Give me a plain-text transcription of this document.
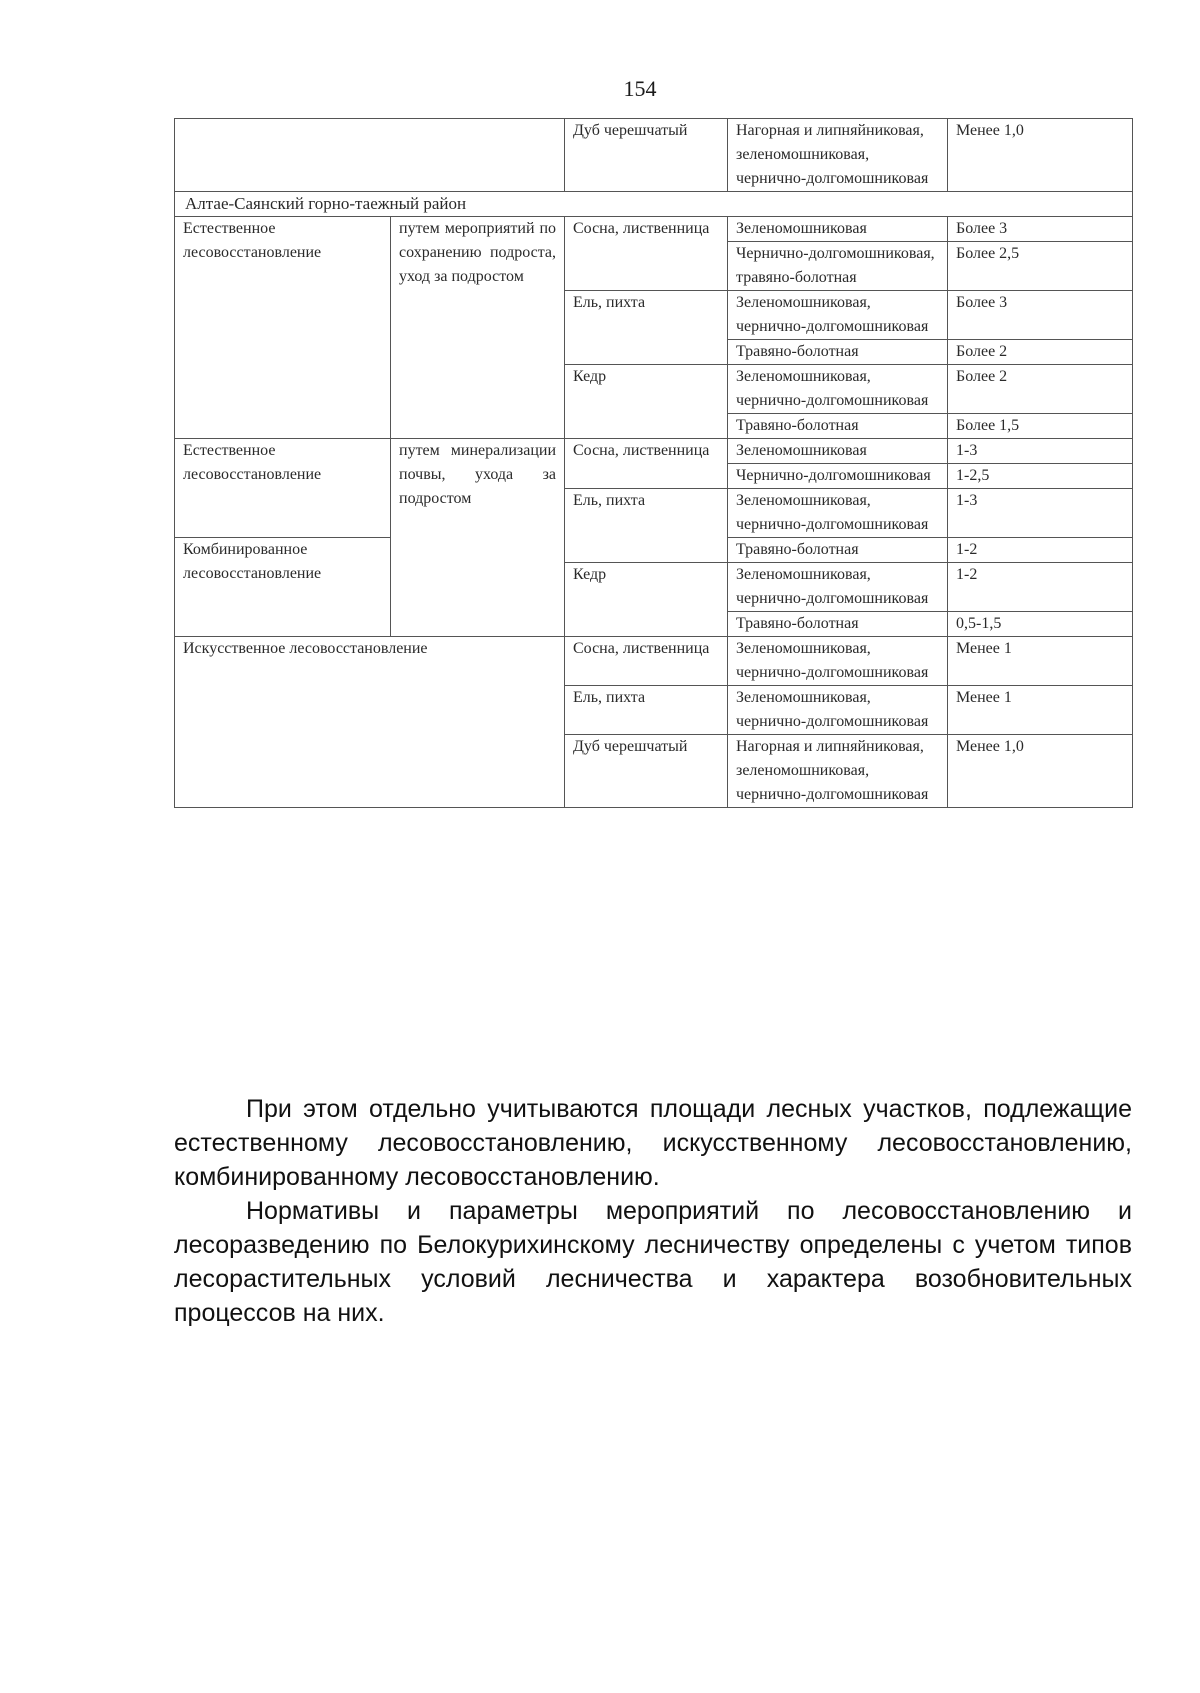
154
		Дуб черешчатый	Нагорная и липняйниковая, зеленомошниковая, чернично-долгомошниковая	Менее 1,0
Алтае-Саянский горно-таежный район				
Естественное лесовосстановление	путем мероприятий по сохранению подроста, уход за подростом	Сосна, лиственница	Зеленомошниковая	Более 3
			Чернично-долгомошниковая, травяно-болотная	Более 2,5
		Ель, пихта	Зеленомошниковая, чернично-долгомошниковая	Более 3
			Травяно-болотная	Более 2
		Кедр	Зеленомошниковая, чернично-долгомошниковая	Более 2
			Травяно-болотная	Более 1,5
Естественное лесовосстановление	путем минерализации почвы, ухода за подростом	Сосна, лиственница	Зеленомошниковая	1-3
			Чернично-долгомошниковая	1-2,5
		Ель, пихта	Зеленомошниковая, чернично-долгомошниковая	1-3
Комбинированное лесовосстановление			Травяно-болотная	1-2
		Кедр	Зеленомошниковая, чернично-долгомошниковая	1-2
			Травяно-болотная	0,5-1,5
Искусственное лесовосстановление		Сосна, лиственница	Зеленомошниковая, чернично-долгомошниковая	Менее 1
		Ель, пихта	Зеленомошниковая, чернично-долгомошниковая	Менее 1
		Дуб черешчатый	Нагорная и липняйниковая, зеленомошниковая, чернично-долгомошниковая	Менее 1,0

При этом отдельно учитываются площади лесных участков, подлежащие естественному лесовосстановлению, искусственному лесовосстановлению, комбинированному лесовосстановлению.

Нормативы и параметры мероприятий по лесовосстановлению и лесоразведению по Белокурихинскому лесничеству определены с учетом типов лесорастительных условий лесничества и характера возобновительных процессов на них.
